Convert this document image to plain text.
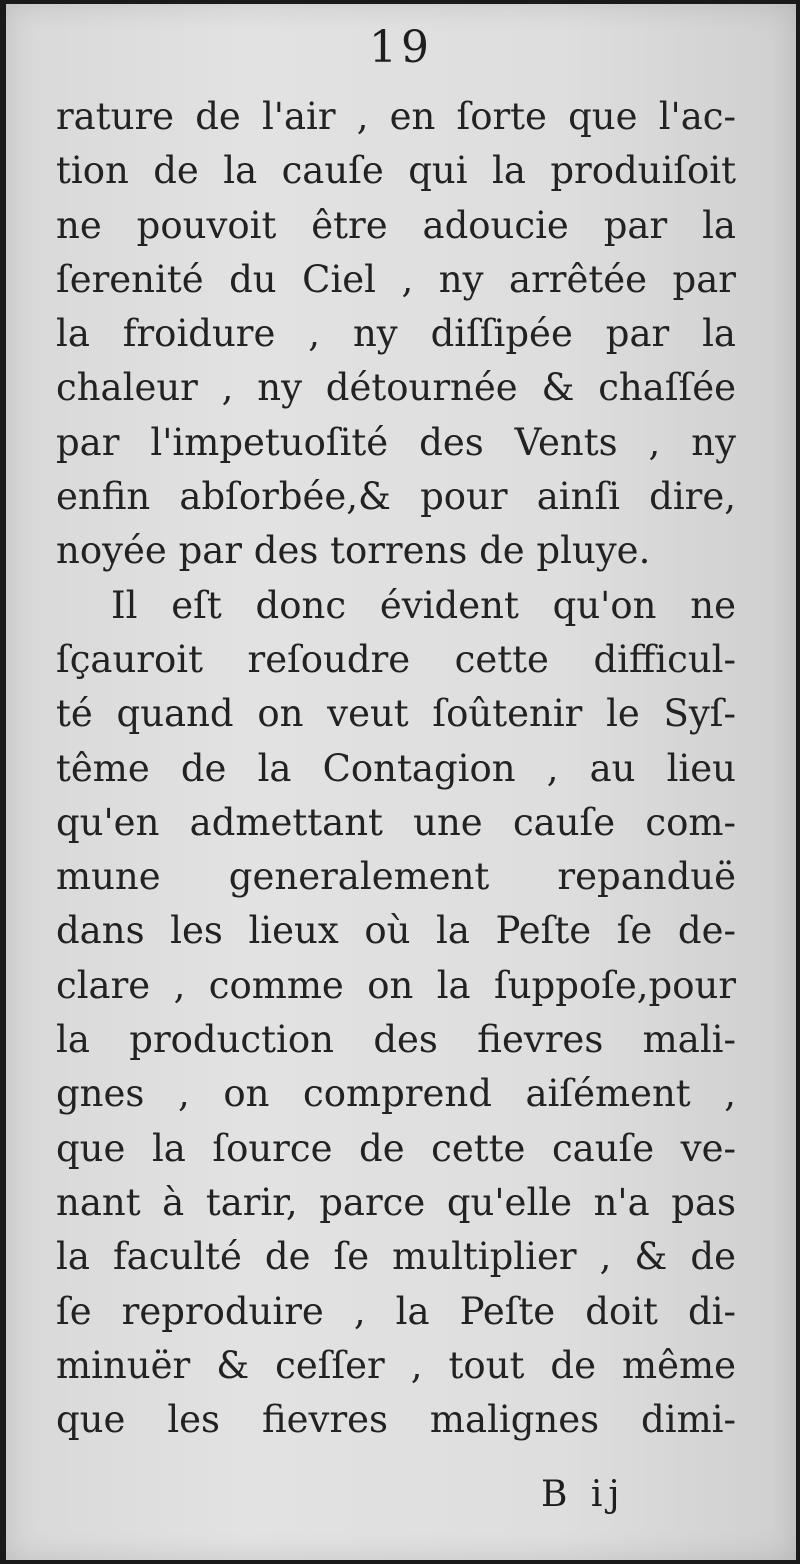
19
rature de l'air , en ſorte que l'ac-
tion de la cauſe qui la produiſoit
ne pouvoit être adoucie par la
ſerenité du Ciel , ny arrêtée par
la froidure , ny diſſipée par la
chaleur , ny détournée & chaſſée
par l'impetuoſité des Vents , ny
enfin abſorbée,& pour ainſi dire,
noyée par des torrens de pluye.
Il eſt donc évident qu'on ne
ſçauroit reſoudre cette difficul-
té quand on veut ſoûtenir le Syſ-
tême de la Contagion , au lieu
qu'en admettant une cauſe com-
mune generalement repanduë
dans les lieux où la Peſte ſe de-
clare , comme on la ſuppoſe,pour
la production des fievres mali-
gnes , on comprend aiſément ,
que la ſource de cette cauſe ve-
nant à tarir, parce qu'elle n'a pas
la faculté de ſe multiplier , & de
ſe reproduire , la Peſte doit di-
minuër & ceſſer , tout de même
que les fievres malignes dimi-
B ij
